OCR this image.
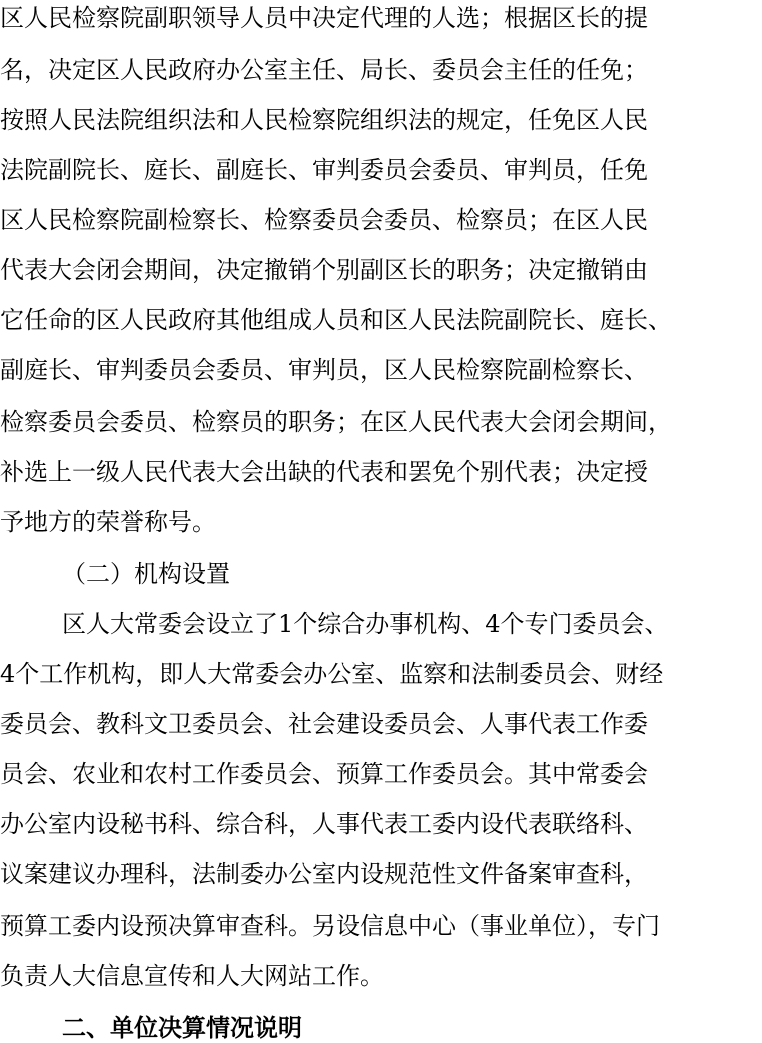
区人民检察院副职领导人员中决定代理的人选；根据区长的提
名，决定区人民政府办公室主任、局长、委员会主任的任免；
按照人民法院组织法和人民检察院组织法的规定，任免区人民
法院副院长、庭长、副庭长、审判委员会委员、审判员，任免
区人民检察院副检察长、检察委员会委员、检察员；在区人民
代表大会闭会期间，决定撤销个别副区长的职务；决定撤销由
它任命的区人民政府其他组成人员和区人民法院副院长、庭长、
副庭长、审判委员会委员、审判员，区人民检察院副检察长、
检察委员会委员、检察员的职务；在区人民代表大会闭会期间，
补选上一级人民代表大会出缺的代表和罢免个别代表；决定授
予地方的荣誉称号。
（二）机构设置
区人大常委会设立了1个综合办事机构、4个专门委员会、
4个工作机构，即人大常委会办公室、监察和法制委员会、财经
委员会、教科文卫委员会、社会建设委员会、人事代表工作委
员会、农业和农村工作委员会、预算工作委员会。其中常委会
办公室内设秘书科、综合科，人事代表工委内设代表联络科、
议案建议办理科，法制委办公室内设规范性文件备案审查科，
预算工委内设预决算审查科。另设信息中心（事业单位），专门
负责人大信息宣传和人大网站工作。
二、单位决算情况说明
